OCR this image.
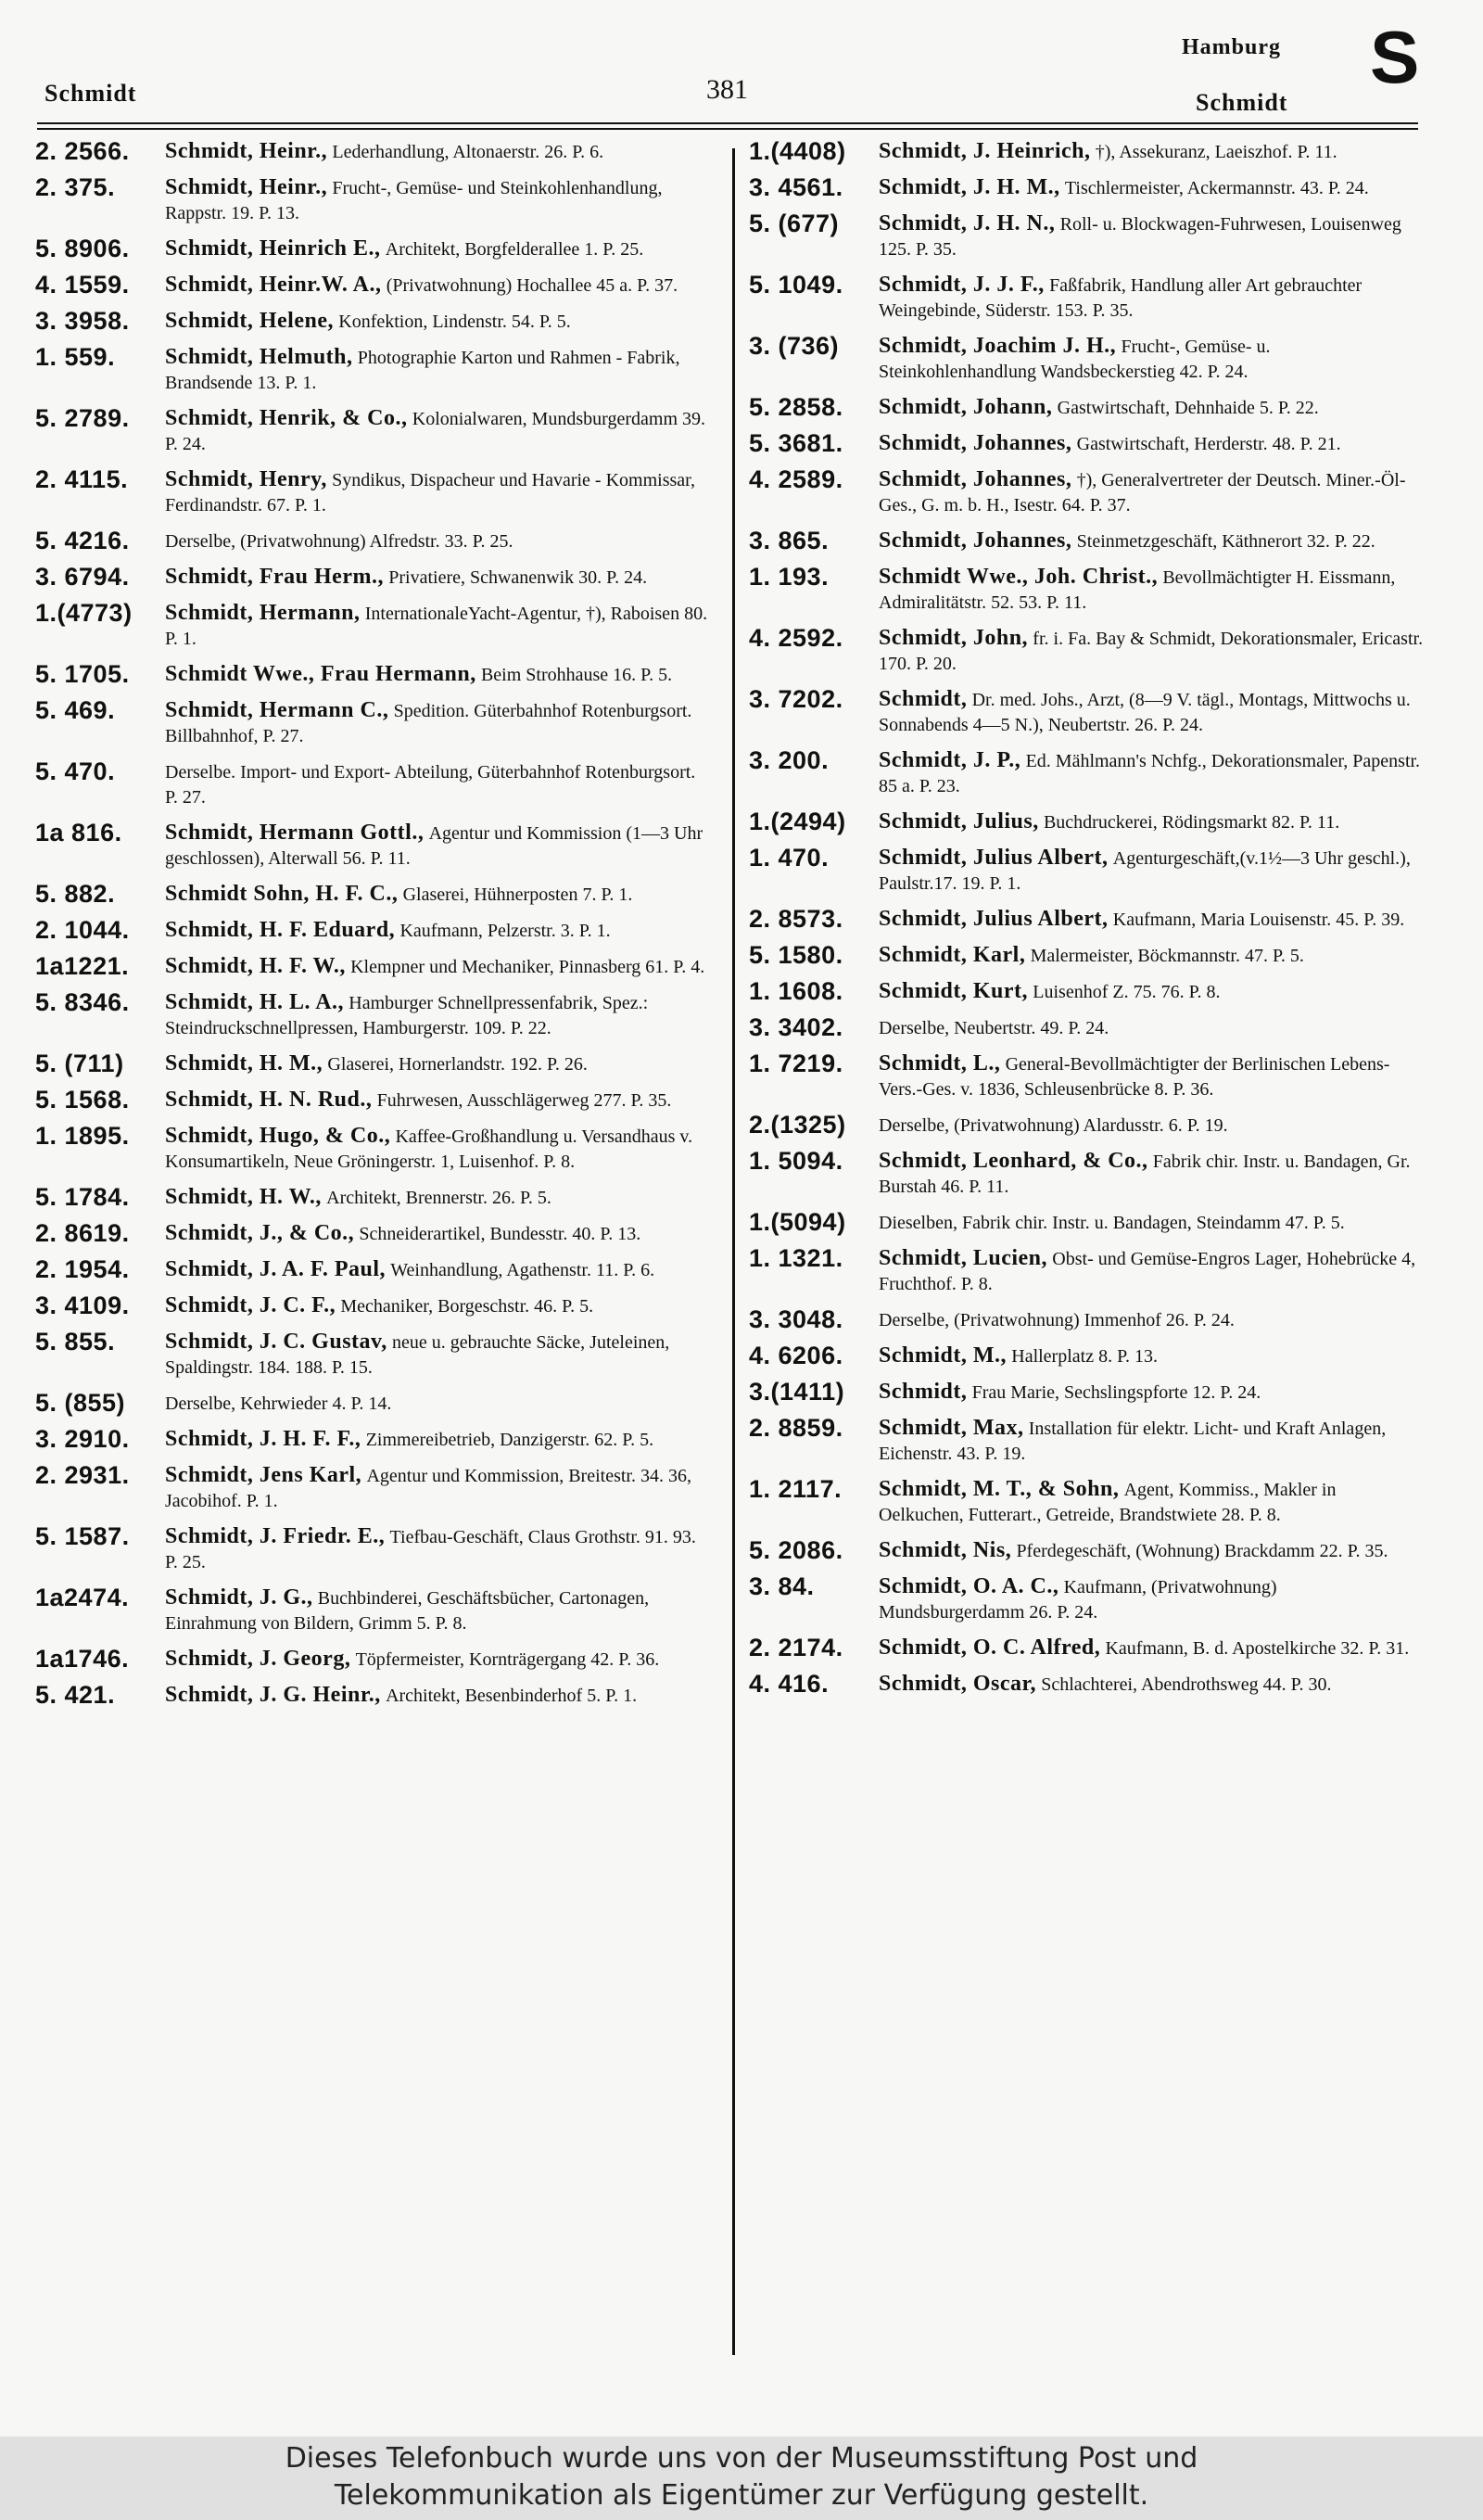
Schmidt	381
Hamburg
Schmidt
S
2. 2566.	Schmidt, Heinr., Lederhandlung, Altonaerstr. 26. P. 6.
2. 375.	Schmidt, Heinr., Frucht-, Gemüse- und Steinkohlenhandlung, Rappstr. 19. P. 13.
5. 8906.	Schmidt, Heinrich E., Architekt, Borgfelderallee 1. P. 25.
4. 1559.	Schmidt, Heinr.W. A., (Privatwohnung) Hochallee 45 a. P. 37.
3. 3958.	Schmidt, Helene, Konfektion, Lindenstr. 54. P. 5.
1. 559.	Schmidt, Helmuth, Photographie Karton und Rahmen - Fabrik, Brandsende 13. P. 1.
5. 2789.	Schmidt, Henrik, & Co., Kolonialwaren, Mundsburgerdamm 39. P. 24.
2. 4115.	Schmidt, Henry, Syndikus, Dispacheur und Havarie - Kommissar, Ferdinandstr. 67. P. 1.
5. 4216.	Derselbe, (Privatwohnung) Alfredstr. 33. P. 25.
3. 6794.	Schmidt, Frau Herm., Privatiere, Schwanenwik 30. P. 24.
1.(4773)	Schmidt, Hermann, InternationaleYacht-Agentur, †), Raboisen 80. P. 1.
5. 1705.	Schmidt Wwe., Frau Hermann, Beim Strohhause 16. P. 5.
5. 469.	Schmidt, Hermann C., Spedition. Güterbahnhof Rotenburgsort. Billbahnhof, P. 27.
5. 470.	Derselbe. Import- und Export- Abteilung, Güterbahnhof Rotenburgsort. P. 27.
1a 816.	Schmidt, Hermann Gottl., Agentur und Kommission (1—3 Uhr geschlossen), Alterwall 56. P. 11.
5. 882.	Schmidt Sohn, H. F. C., Glaserei, Hühnerposten 7. P. 1.
2. 1044.	Schmidt, H. F. Eduard, Kaufmann, Pelzerstr. 3. P. 1.
1a1221.	Schmidt, H. F. W., Klempner und Mechaniker, Pinnasberg 61. P. 4.
5. 8346.	Schmidt, H. L. A., Hamburger Schnellpressenfabrik, Spez.: Steindruckschnellpressen, Hamburgerstr. 109. P. 22.
5. (711)	Schmidt, H. M., Glaserei, Hornerlandstr. 192. P. 26.
5. 1568.	Schmidt, H. N. Rud., Fuhrwesen, Ausschlägerweg 277. P. 35.
1. 1895.	Schmidt, Hugo, & Co., Kaffee-Großhandlung u. Versandhaus v. Konsumartikeln, Neue Gröningerstr. 1, Luisenhof. P. 8.
5. 1784.	Schmidt, H. W., Architekt, Brennerstr. 26. P. 5.
2. 8619.	Schmidt, J., & Co., Schneiderartikel, Bundesstr. 40. P. 13.
2. 1954.	Schmidt, J. A. F. Paul, Weinhandlung, Agathenstr. 11. P. 6.
3. 4109.	Schmidt, J. C. F., Mechaniker, Borgeschstr. 46. P. 5.
5. 855.	Schmidt, J. C. Gustav, neue u. gebrauchte Säcke, Juteleinen, Spaldingstr. 184. 188. P. 15.
5. (855)	Derselbe, Kehrwieder 4. P. 14.
3. 2910.	Schmidt, J. H. F. F., Zimmereibetrieb, Danzigerstr. 62. P. 5.
2. 2931.	Schmidt, Jens Karl, Agentur und Kommission, Breitestr. 34. 36, Jacobihof. P. 1.
5. 1587.	Schmidt, J. Friedr. E., Tiefbau-Geschäft, Claus Grothstr. 91. 93. P. 25.
1a2474.	Schmidt, J. G., Buchbinderei, Geschäftsbücher, Cartonagen, Einrahmung von Bildern, Grimm 5. P. 8.
1a1746.	Schmidt, J. Georg, Töpfermeister, Kornträgergang 42. P. 36.
5. 421.	Schmidt, J. G. Heinr., Architekt, Besenbinderhof 5. P. 1.
1.(4408)	Schmidt, J. Heinrich, †), Assekuranz, Laeiszhof. P. 11.
3. 4561.	Schmidt, J. H. M., Tischlermeister, Ackermannstr. 43. P. 24.
5. (677)	Schmidt, J. H. N., Roll- u. Blockwagen-Fuhrwesen, Louisenweg 125. P. 35.
5. 1049.	Schmidt, J. J. F., Faßfabrik, Handlung aller Art gebrauchter Weingebinde, Süderstr. 153. P. 35.
3. (736)	Schmidt, Joachim J. H., Frucht-, Gemüse- u. Steinkohlenhandlung Wandsbeckerstieg 42. P. 24.
5. 2858.	Schmidt, Johann, Gastwirtschaft, Dehnhaide 5. P. 22.
5. 3681.	Schmidt, Johannes, Gastwirtschaft, Herderstr. 48. P. 21.
4. 2589.	Schmidt, Johannes, †), Generalvertreter der Deutsch. Miner.-Öl-Ges., G. m. b. H., Isestr. 64. P. 37.
3. 865.	Schmidt, Johannes, Steinmetzgeschäft, Käthnerort 32. P. 22.
1. 193.	Schmidt Wwe., Joh. Christ., Bevollmächtigter H. Eissmann, Admiralitätstr. 52. 53. P. 11.
4. 2592.	Schmidt, John, fr. i. Fa. Bay & Schmidt, Dekorationsmaler, Ericastr. 170. P. 20.
3. 7202.	Schmidt, Dr. med. Johs., Arzt, (8—9 V. tägl., Montags, Mittwochs u. Sonnabends 4—5 N.), Neubertstr. 26. P. 24.
3. 200.	Schmidt, J. P., Ed. Mählmann's Nchfg., Dekorationsmaler, Papenstr. 85 a. P. 23.
1.(2494)	Schmidt, Julius, Buchdruckerei, Rödingsmarkt 82. P. 11.
1. 470.	Schmidt, Julius Albert, Agenturgeschäft,(v.1½—3 Uhr geschl.), Paulstr.17. 19. P. 1.
2. 8573.	Schmidt, Julius Albert, Kaufmann, Maria Louisenstr. 45. P. 39.
5. 1580.	Schmidt, Karl, Malermeister, Böckmannstr. 47. P. 5.
1. 1608.	Schmidt, Kurt, Luisenhof Z. 75. 76. P. 8.
3. 3402.	Derselbe, Neubertstr. 49. P. 24.
1. 7219.	Schmidt, L., General-Bevollmächtigter der Berlinischen Lebens-Vers.-Ges. v. 1836, Schleusenbrücke 8. P. 36.
2.(1325)	Derselbe, (Privatwohnung) Alardusstr. 6. P. 19.
1. 5094.	Schmidt, Leonhard, & Co., Fabrik chir. Instr. u. Bandagen, Gr. Burstah 46. P. 11.
1.(5094)	Dieselben, Fabrik chir. Instr. u. Bandagen, Steindamm 47. P. 5.
1. 1321.	Schmidt, Lucien, Obst- und Gemüse-Engros Lager, Hohebrücke 4, Fruchthof. P. 8.
3. 3048.	Derselbe, (Privatwohnung) Immenhof 26. P. 24.
4. 6206.	Schmidt, M., Hallerplatz 8. P. 13.
3.(1411)	Schmidt, Frau Marie, Sechslingspforte 12. P. 24.
2. 8859.	Schmidt, Max, Installation für elektr. Licht- und Kraft Anlagen, Eichenstr. 43. P. 19.
1. 2117.	Schmidt, M. T., & Sohn, Agent, Kommiss., Makler in Oelkuchen, Futterart., Getreide, Brandstwiete 28. P. 8.
5. 2086.	Schmidt, Nis, Pferdegeschäft, (Wohnung) Brackdamm 22. P. 35.
3. 84.	Schmidt, O. A. C., Kaufmann, (Privatwohnung) Mundsburgerdamm 26. P. 24.
2. 2174.	Schmidt, O. C. Alfred, Kaufmann, B. d. Apostelkirche 32. P. 31.
4. 416.	Schmidt, Oscar, Schlachterei, Abendrothsweg 44. P. 30.
Dieses Telefonbuch wurde uns von der Museumsstiftung Post und
Telekommunikation als Eigentümer zur Verfügung gestellt.
